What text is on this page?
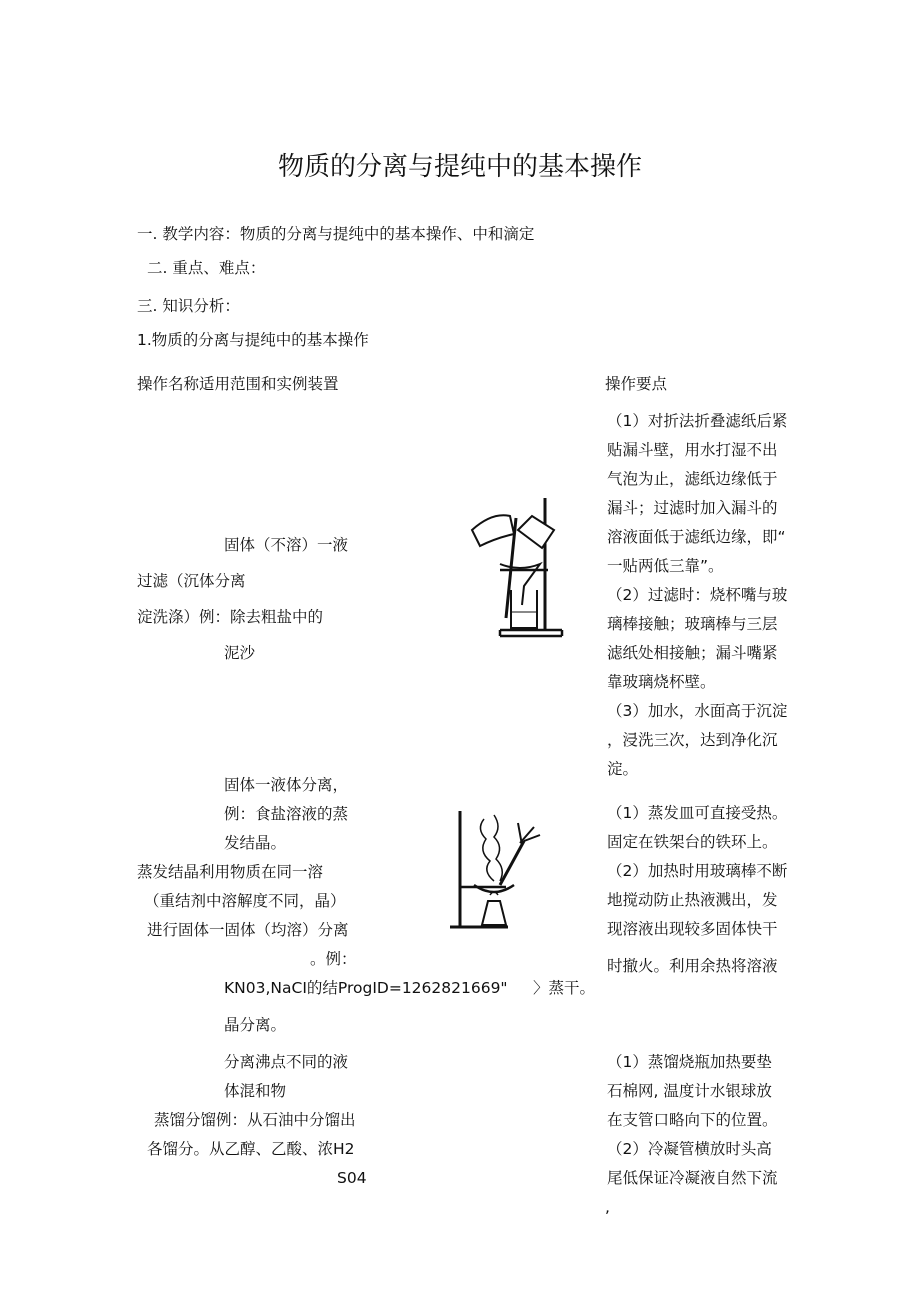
物质的分离与提纯中的基本操作
一. 教学内容：物质的分离与提纯中的基本操作、中和滴定
二. 重点、难点：
三. 知识分析：
1.物质的分离与提纯中的基本操作
操作名称适用范围和实例装置	操作要点
固体（不溶）一液
过滤（沉体分离
淀洗涤）例：除去粗盐中的
泥沙
（1）对折法折叠滤纸后紧
贴漏斗壁，用水打湿不出
气泡为止，滤纸边缘低于
漏斗；过滤时加入漏斗的
溶液面低于滤纸边缘，即“
一贴两低三靠”。
（2）过滤时：烧杯嘴与玻
璃棒接触；玻璃棒与三层
滤纸处相接触；漏斗嘴紧
靠玻璃烧杯壁。
（3）加水，水面高于沉淀
，浸洗三次，达到净化沉
淀。
固体一液体分离，
例：食盐溶液的蒸
发结晶。
蒸发结晶利用物质在同一溶
（重结剂中溶解度不同，晶）
进行固体一固体（均溶）分离
。例：
KN03,NaCI的结ProgID=1262821669" 〉蒸干。
晶分离。
（1）蒸发皿可直接受热。
固定在铁架台的铁环上。
（2）加热时用玻璃棒不断
地搅动防止热液溅出，发
现溶液出现较多固体快干
时撤火。利用余热将溶液
分离沸点不同的液
体混和物
蒸馏分馏例：从石油中分馏出
各馏分。从乙醇、乙酸、浓H2
S04
（1）蒸馏烧瓶加热要垫
石棉网, 温度计水银球放
在支管口略向下的位置。
（2）冷凝管横放时头高
尾低保证冷凝液自然下流
,
